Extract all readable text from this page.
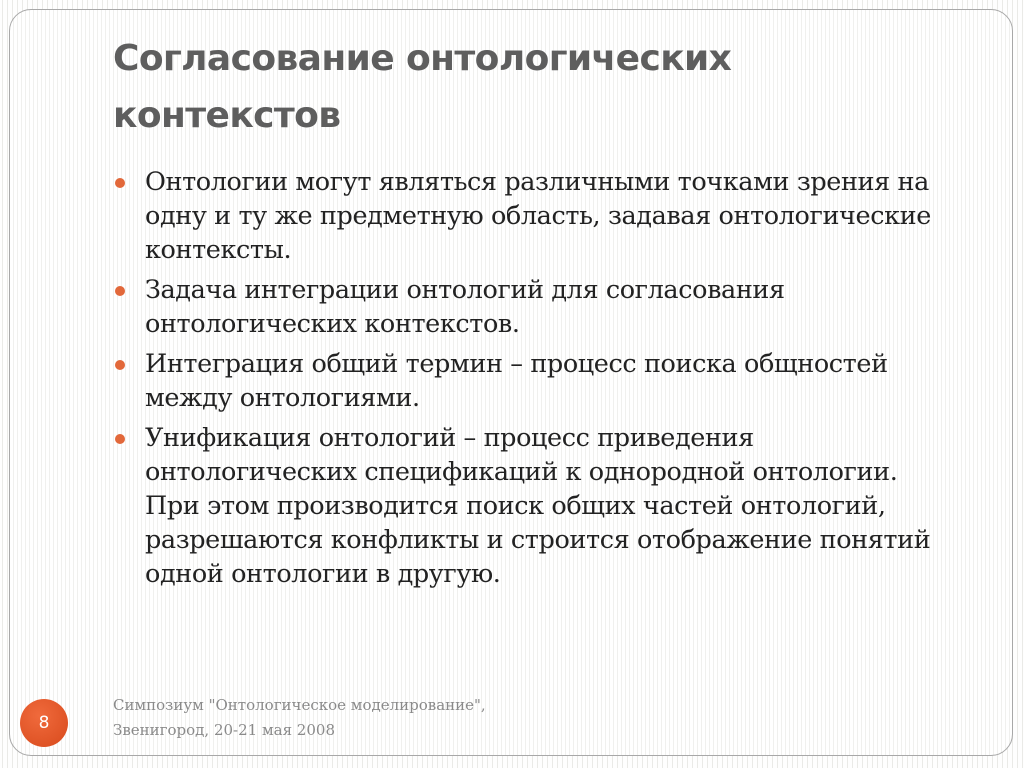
Согласование онтологических контекстов
Онтологии могут являться различными точками зрения на одну и ту же предметную область, задавая онтологические контексты.
Задача интеграции онтологий для согласования онтологических контекстов.
Интеграция общий термин – процесс поиска общностей между онтологиями.
Унификация онтологий – процесс приведения онтологических спецификаций к однородной онтологии. При этом производится поиск общих частей онтологий, разрешаются конфликты и строится отображение понятий одной онтологии в другую.
8
Симпозиум "Онтологическое моделирование",
Звенигород, 20-21 мая 2008
